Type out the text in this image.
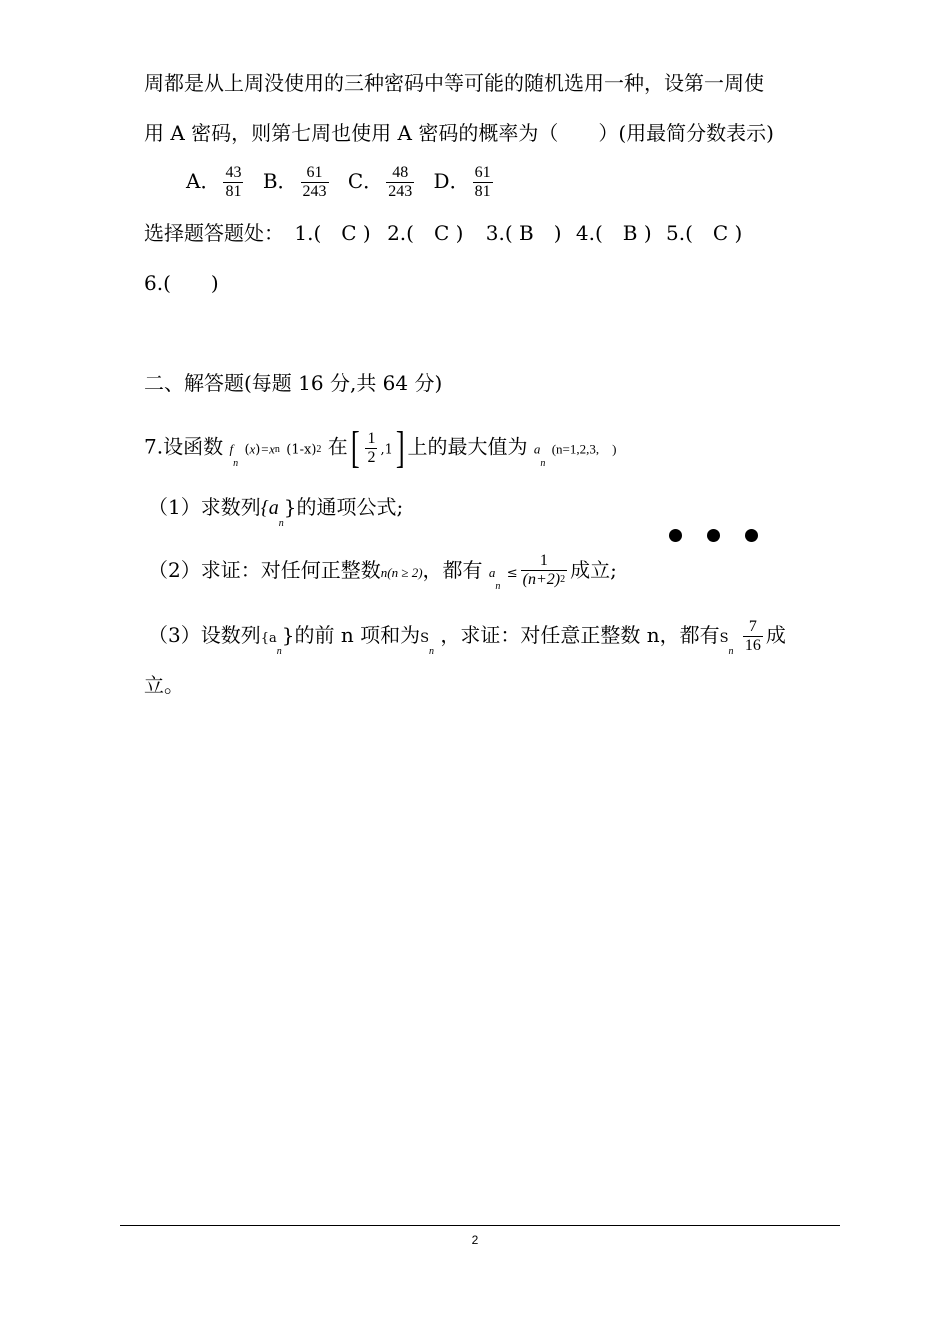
周都是从上周没使用的三种密码中等可能的随机选用一种，设第一周使
用 A 密码，则第七周也使用 A 密码的概率为（　　）(用最简分数表示)
A． $\frac{43}{81}$ B． $\frac{61}{243}$ C． $\frac{48}{243}$ D． $\frac{61}{81}$
选择题答题处： 1.(　C ) 2.(　C ) 3.( B　) 4.(　B ) 5.(　C )
6.(　　)
二、解答题(每题 16 分,共 64 分)
7.设函数 $f_n$ (x)=xn (1-x)2 在[ $\frac{1}{2} ,1$] 上的最大值为 $a_n$ (n=1,2,3,　)
（1）求数列$\{a_n\}$的通项公式;
（2）求证：对任何正整数n(n ≥ 2)，都有 $a_n \le \frac{1}{(n+2)2}$ 成立;
（3）设数列$\{a_n\}$的前 n 项和为$S_n$ ，求证：对任意正整数 n，都有$S_n \frac{7}{16}$ 成
立。
2
